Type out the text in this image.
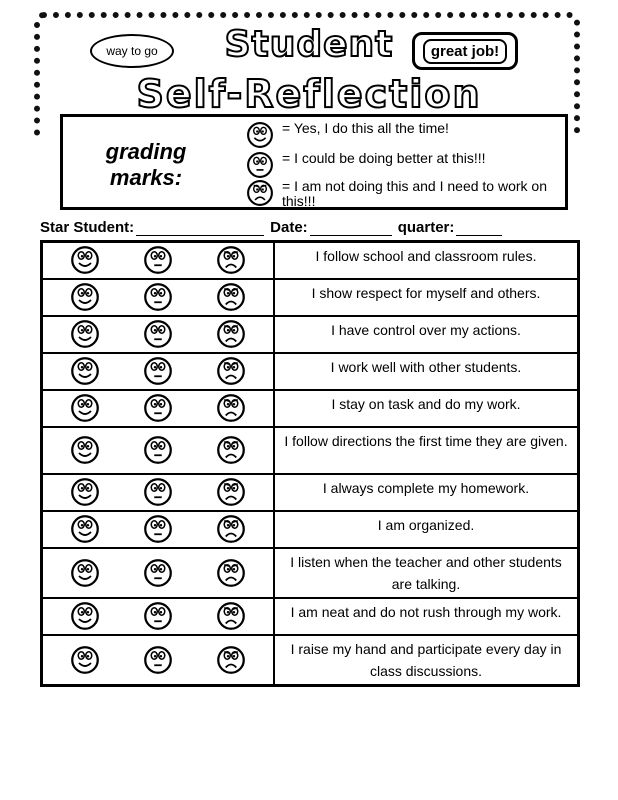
way to go	great job!
Student
Self-Reflection
grading marks:
= Yes, I do this all the time!
= I could be doing better at this!!!
= I am not doing this and I need to work on this!!!
Star Student:	Date:	quarter:
	I follow school and classroom rules.

	I show respect for myself and others.

	I have control over my actions.

	I work well with other students.

	I stay on task and do my work.

	I follow directions the first time they are given.

	I always complete my homework.

	I am organized.

	I listen when the teacher and other students are talking.

	I am neat and do not rush through my work.

	I raise my hand and participate every day in class discussions.
